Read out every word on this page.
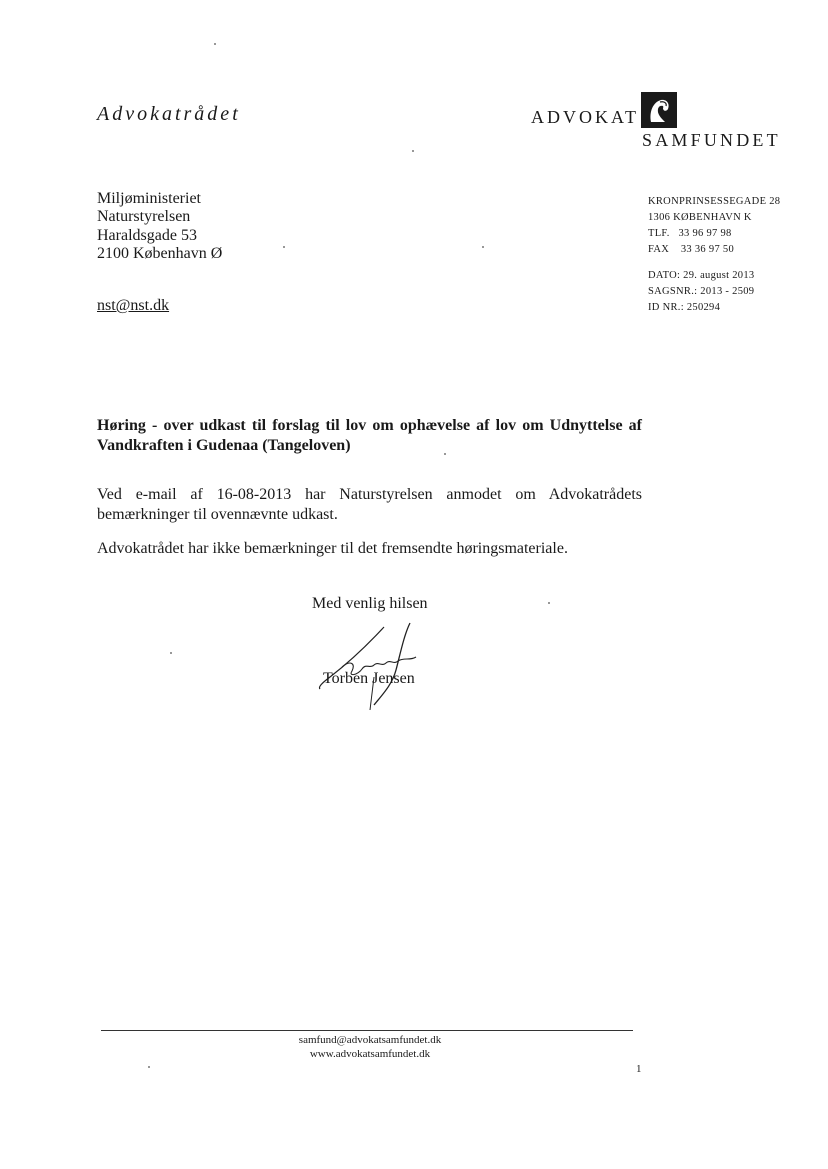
Advokatrådet	ADVOKAT
SAMFUNDET
Miljøministeriet
Naturstyrelsen
Haraldsgade 53
2100 København Ø
nst@nst.dk
KRONPRINSESSEGADE 28
1306 KØBENHAVN K
TLF. 33 96 97 98
FAX 33 36 97 50
DATO: 29. august 2013
SAGSNR.: 2013 - 2509
ID NR.: 250294
Høring - over udkast til forslag til lov om ophævelse af lov om Udnyttelse af Vandkraften i Gudenaa (Tangeloven)
Ved e-mail af 16-08-2013 har Naturstyrelsen anmodet om Advokatrådets bemærkninger til ovennævnte udkast.
Advokatrådet har ikke bemærkninger til det fremsendte høringsmateriale.
Med venlig hilsen
Torben Jensen
samfund@advokatsamfundet.dk
www.advokatsamfundet.dk
1
